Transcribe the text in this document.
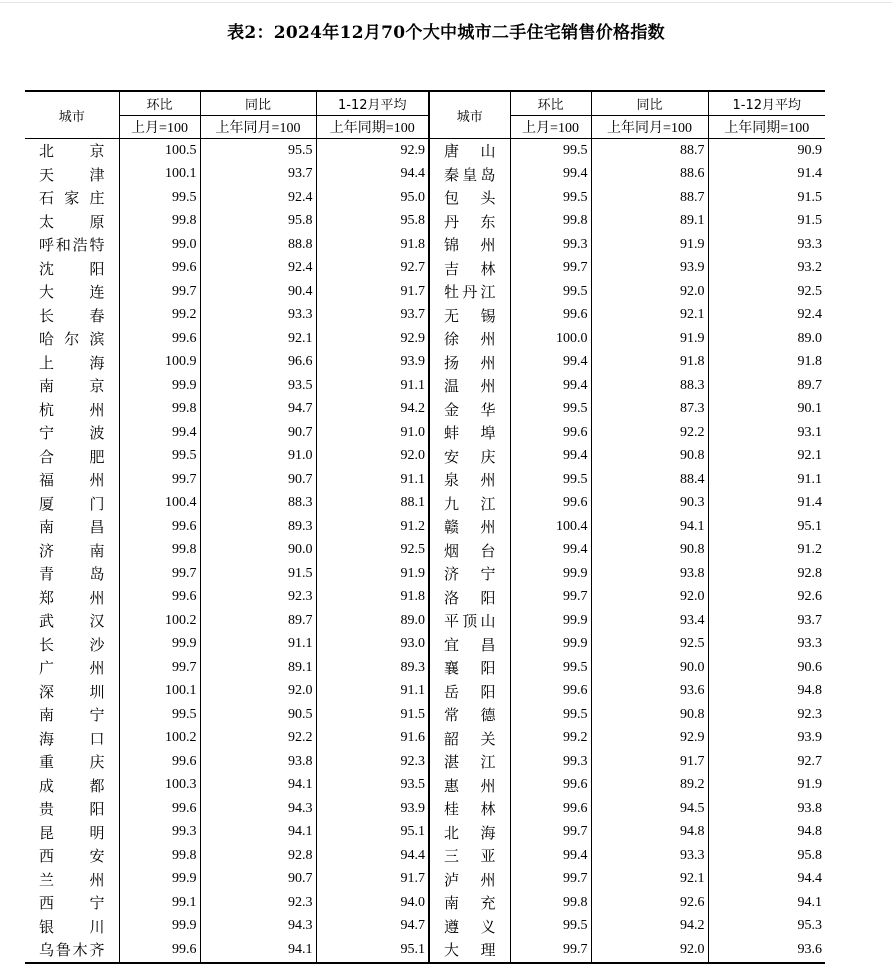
表2：2024年12月70个大中城市二手住宅销售价格指数
城市	环比	同比	1-12月平均	城市	环比	同比	1-12月平均
	上月=100	上年同月=100	上年同期=100		上月=100	上年同月=100	上年同期=100

北 京	100.5	95.5	92.9	唐 山	99.5	88.7	90.9

天 津	100.1	93.7	94.4	秦 皇 岛	99.4	88.6	91.4

石 家 庄	99.5	92.4	95.0	包 头	99.5	88.7	91.5

太 原	99.8	95.8	95.8	丹 东	99.8	89.1	91.5

呼 和 浩 特	99.0	88.8	91.8	锦 州	99.3	91.9	93.3

沈 阳	99.6	92.4	92.7	吉 林	99.7	93.9	93.2

大 连	99.7	90.4	91.7	牡 丹 江	99.5	92.0	92.5

长 春	99.2	93.3	93.7	无 锡	99.6	92.1	92.4

哈 尔 滨	99.6	92.1	92.9	徐 州	100.0	91.9	89.0

上 海	100.9	96.6	93.9	扬 州	99.4	91.8	91.8

南 京	99.9	93.5	91.1	温 州	99.4	88.3	89.7

杭 州	99.8	94.7	94.2	金 华	99.5	87.3	90.1

宁 波	99.4	90.7	91.0	蚌 埠	99.6	92.2	93.1

合 肥	99.5	91.0	92.0	安 庆	99.4	90.8	92.1

福 州	99.7	90.7	91.1	泉 州	99.5	88.4	91.1

厦 门	100.4	88.3	88.1	九 江	99.6	90.3	91.4

南 昌	99.6	89.3	91.2	赣 州	100.4	94.1	95.1

济 南	99.8	90.0	92.5	烟 台	99.4	90.8	91.2

青 岛	99.7	91.5	91.9	济 宁	99.9	93.8	92.8

郑 州	99.6	92.3	91.8	洛 阳	99.7	92.0	92.6

武 汉	100.2	89.7	89.0	平 顶 山	99.9	93.4	93.7

长 沙	99.9	91.1	93.0	宜 昌	99.9	92.5	93.3

广 州	99.7	89.1	89.3	襄 阳	99.5	90.0	90.6

深 圳	100.1	92.0	91.1	岳 阳	99.6	93.6	94.8

南 宁	99.5	90.5	91.5	常 德	99.5	90.8	92.3

海 口	100.2	92.2	91.6	韶 关	99.2	92.9	93.9

重 庆	99.6	93.8	92.3	湛 江	99.3	91.7	92.7

成 都	100.3	94.1	93.5	惠 州	99.6	89.2	91.9

贵 阳	99.6	94.3	93.9	桂 林	99.6	94.5	93.8

昆 明	99.3	94.1	95.1	北 海	99.7	94.8	94.8

西 安	99.8	92.8	94.4	三 亚	99.4	93.3	95.8

兰 州	99.9	90.7	91.7	泸 州	99.7	92.1	94.4

西 宁	99.1	92.3	94.0	南 充	99.8	92.6	94.1

银 川	99.9	94.3	94.7	遵 义	99.5	94.2	95.3

乌 鲁 木 齐	99.6	94.1	95.1	大 理	99.7	92.0	93.6
